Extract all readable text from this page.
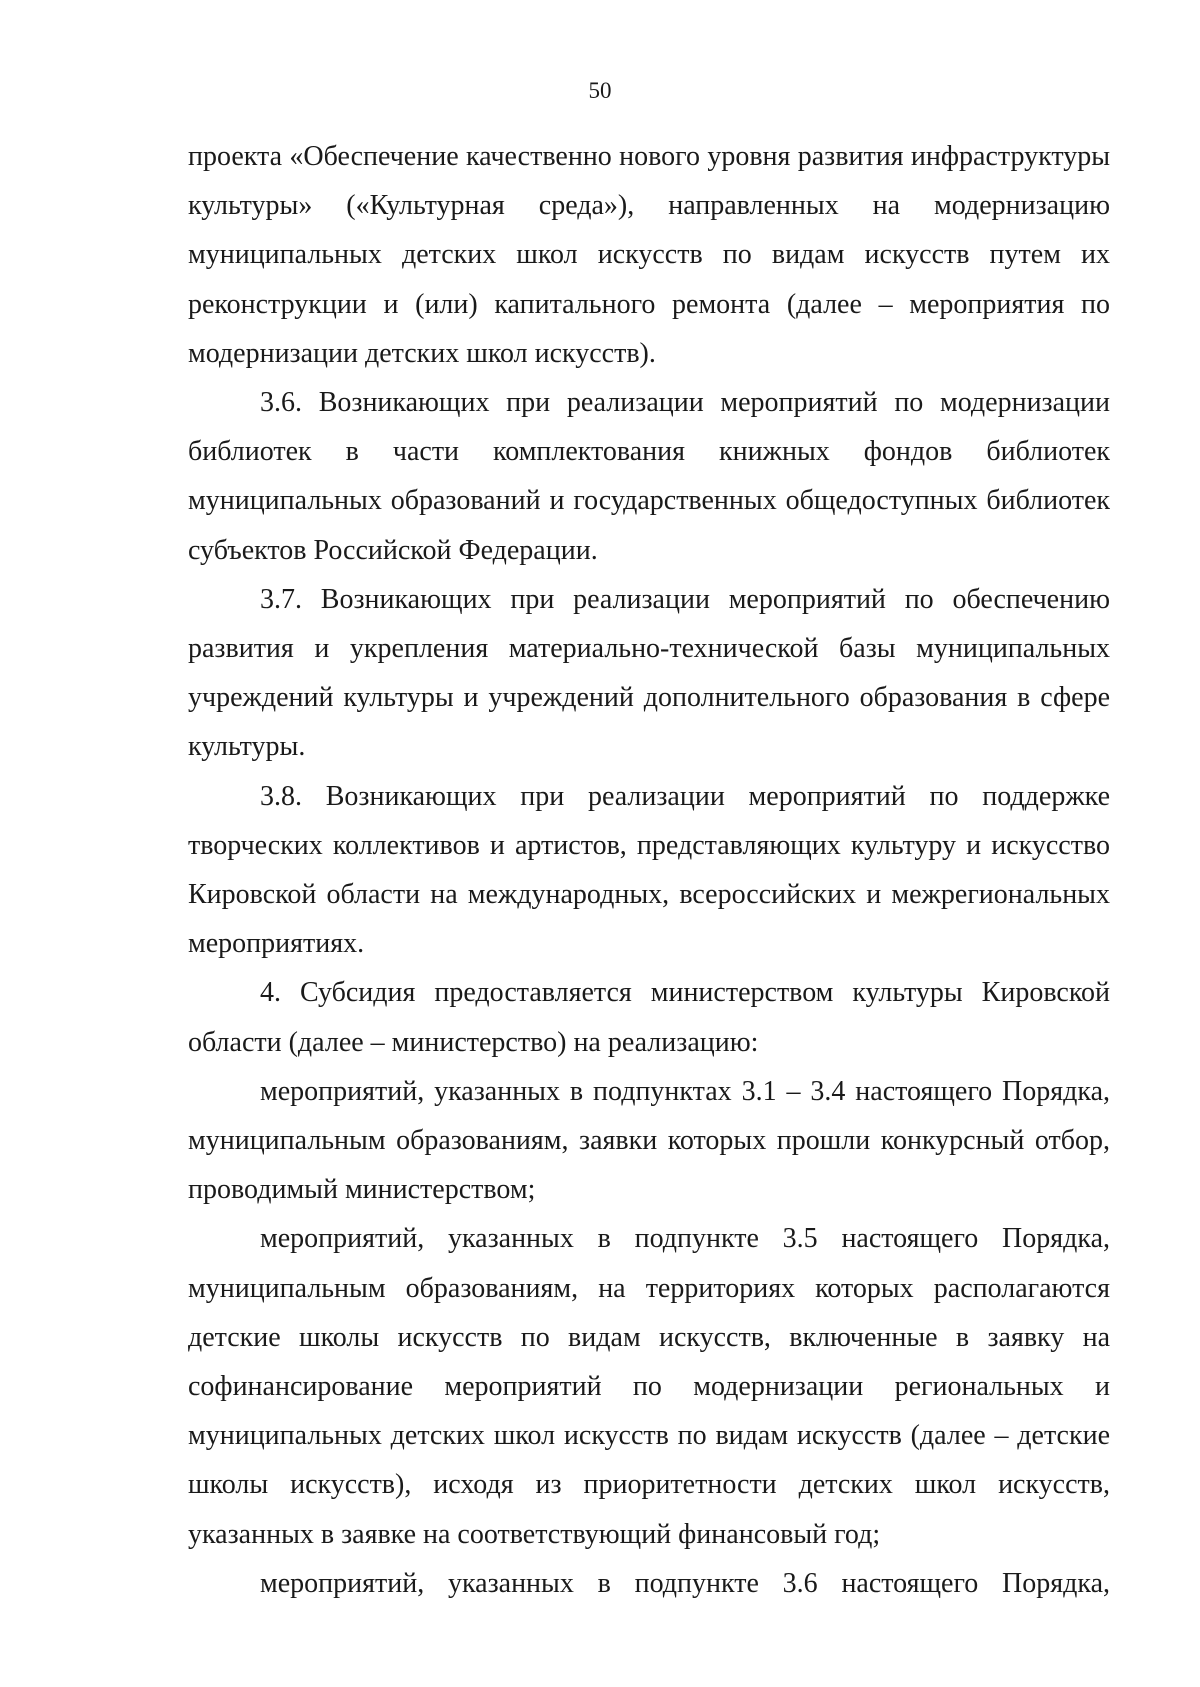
50

проекта «Обеспечение качественно нового уровня развития инфраструктуры культуры» («Культурная среда»), направленных на модернизацию муниципальных детских школ искусств по видам искусств путем их реконструкции и (или) капитального ремонта (далее – мероприятия по модернизации детских школ искусств).

3.6. Возникающих при реализации мероприятий по модернизации библиотек в части комплектования книжных фондов библиотек муниципальных образований и государственных общедоступных библиотек субъектов Российской Федерации.

3.7. Возникающих при реализации мероприятий по обеспечению развития и укрепления материально-технической базы муниципальных учреждений культуры и учреждений дополнительного образования в сфере культуры.

3.8. Возникающих при реализации мероприятий по поддержке творческих коллективов и артистов, представляющих культуру и искусство Кировской области на международных, всероссийских и межрегиональных мероприятиях.

4. Субсидия предоставляется министерством культуры Кировской области (далее – министерство) на реализацию:

мероприятий, указанных в подпунктах 3.1 – 3.4 настоящего Порядка, муниципальным образованиям, заявки которых прошли конкурсный отбор, проводимый министерством;

мероприятий, указанных в подпункте 3.5 настоящего Порядка, муниципальным образованиям, на территориях которых располагаются детские школы искусств по видам искусств, включенные в заявку на софинансирование мероприятий по модернизации региональных и муниципальных детских школ искусств по видам искусств (далее – детские школы искусств), исходя из приоритетности детских школ искусств, указанных в заявке на соответствующий финансовый год;

мероприятий, указанных в подпункте 3.6 настоящего Порядка,
